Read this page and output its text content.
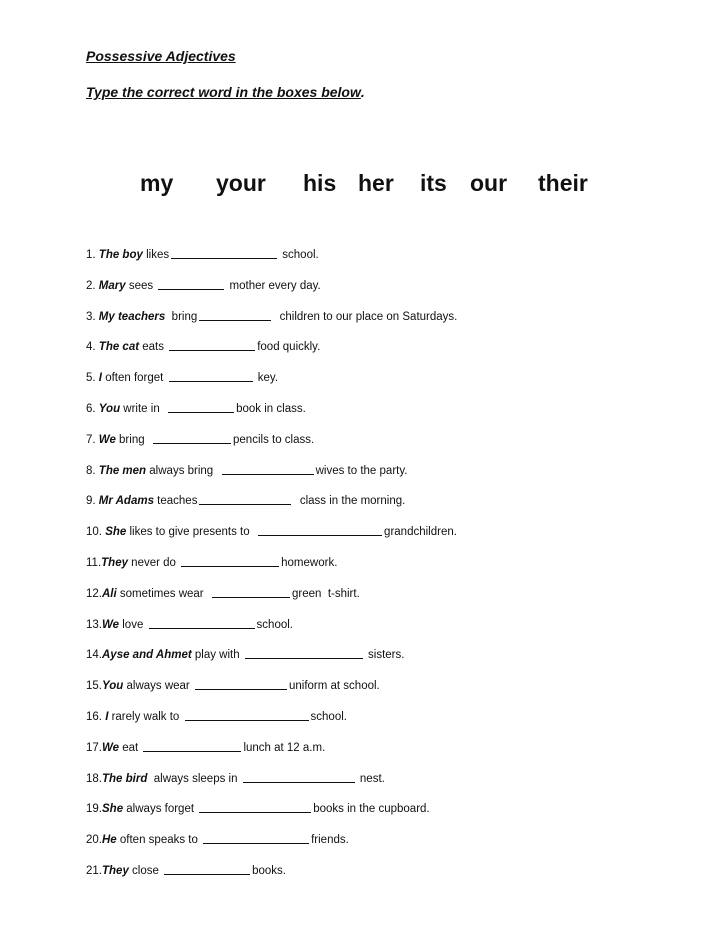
Possessive Adjectives
Type the correct word in the boxes below.
my your his her its our their
1. The boy likes	school.
2. Mary sees	mother every day.
3. My teachers bring	children to our place on Saturdays.
4. The cat eats	food quickly.
5. I often forget	key.
6. You write in	book in class.
7. We bring	pencils to class.
8. The men always bring	wives to the party.
9. Mr Adams teaches	class in the morning.
10. She likes to give presents to	grandchildren.
11. They never do	homework.
12. Ali sometimes wear	green  t-shirt.
13. We love	school.
14. Ayse and Ahmet play with	sisters.
15. You always wear	uniform at school.
16. I rarely walk to	school.
17. We eat	lunch at 12 a.m.
18. The bird always sleeps in	nest.
19. She always forget	books in the cupboard.
20. He often speaks to	friends.
21. They close	books.
